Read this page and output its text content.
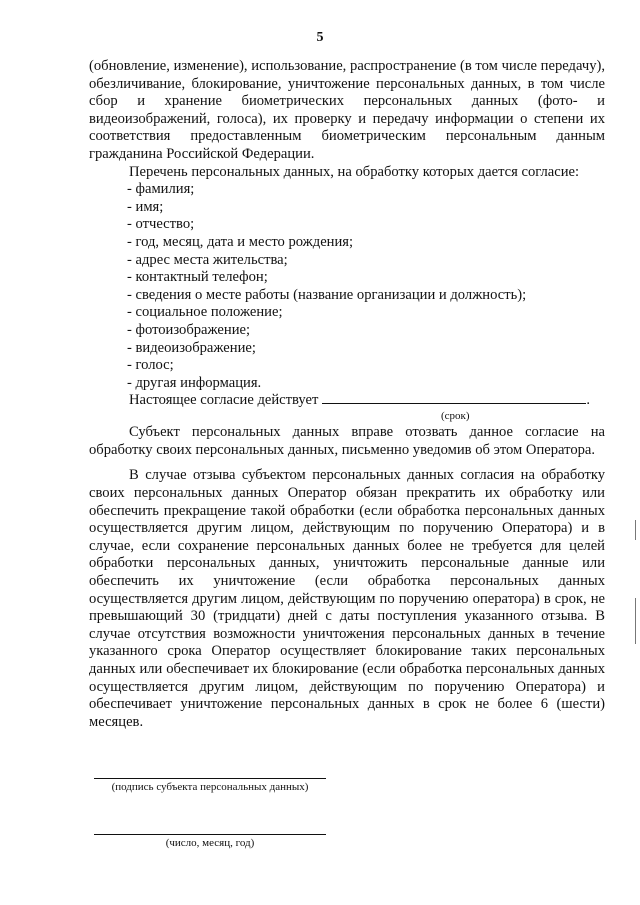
5

(обновление, изменение), использование, распространение (в том числе передачу), обезличивание, блокирование, уничтожение персональных данных, в том числе сбор и хранение биометрических персональных данных (фото- и видеоизображений, голоса), их проверку и передачу информации о степени их соответствия предоставленным биометрическим персональным данным гражданина Российской Федерации.

Перечень персональных данных, на обработку которых дается согласие:

- фамилия;
- имя;
- отчество;
- год, месяц, дата и место рождения;
- адрес места жительства;
- контактный телефон;
- сведения о месте работы (название организации и должность);
- социальное положение;
- фотоизображение;
- видеоизображение;
- голос;
- другая информация.
Настоящее согласие действует	.
(срок)

Субъект персональных данных вправе отозвать данное согласие на обработку своих персональных данных, письменно уведомив об этом Оператора.

В случае отзыва субъектом персональных данных согласия на обработку своих персональных данных Оператор обязан прекратить их обработку или обеспечить прекращение такой обработки (если обработка персональных данных осуществляется другим лицом, действующим по поручению Оператора) и в случае, если сохранение персональных данных более не требуется для целей обработки персональных данных, уничтожить персональные данные или обеспечить их уничтожение (если обработка персональных данных осуществляется другим лицом, действующим по поручению оператора) в срок, не превышающий 30 (тридцати) дней с даты поступления указанного отзыва. В случае отсутствия возможности уничтожения персональных данных в течение указанного срока Оператор осуществляет блокирование таких персональных данных или обеспечивает их блокирование (если обработка персональных данных осуществляется другим лицом, действующим по поручению Оператора) и обеспечивает уничтожение персональных данных в срок не более 6 (шести) месяцев.

(подпись субъекта персональных данных)
(число, месяц, год)
